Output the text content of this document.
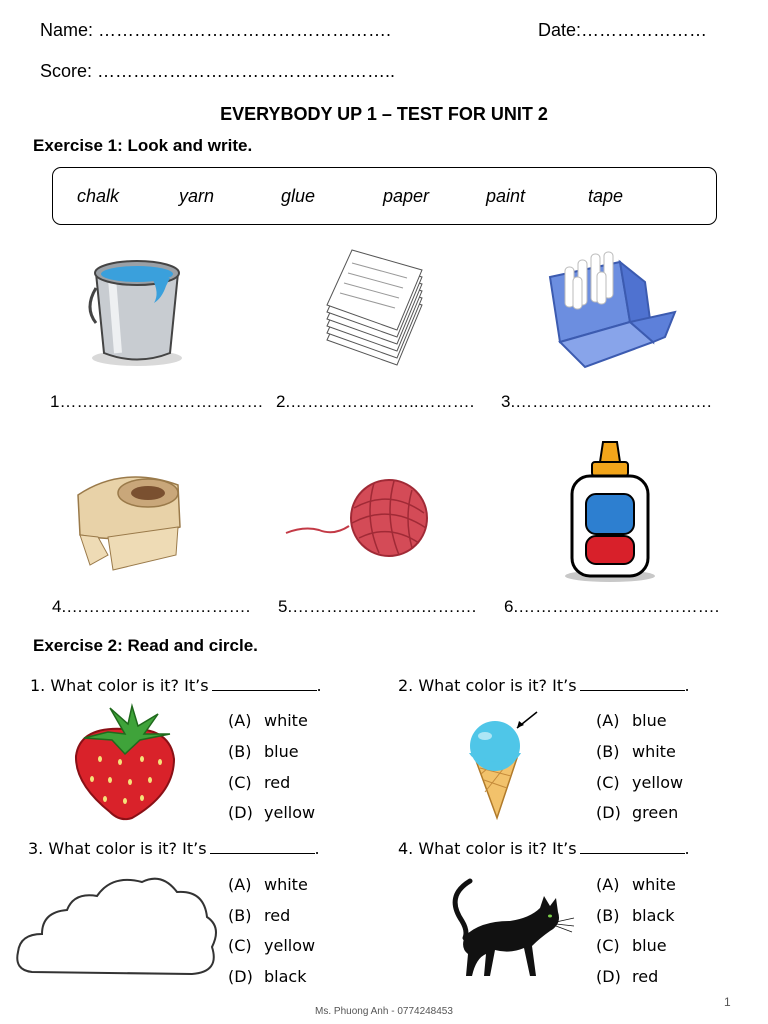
Name: ………………………………………….	Date:…………………
Score: …………………………………………..
EVERYBODY UP 1 – TEST FOR UNIT 2
Exercise 1: Look and write.
chalk	yarn	glue	paper	paint	tape
1……………………………… 2.…………………..………. 3.………………….………….
4.…………………..………. 5.…………………..………. 6.………………..…………….
Exercise 2: Read and circle.
1. What color is it? It’s	.
(A) white
(B) blue
(C) red
(D) yellow
2. What color is it? It’s	.
(A) blue
(B) white
(C) yellow
(D) green
3. What color is it? It’s	.
(A) white
(B) red
(C) yellow
(D) black
4. What color is it? It’s	.
(A) white
(B) black
(C) blue
(D) red
Ms. Phuong Anh - 0774248453
1
